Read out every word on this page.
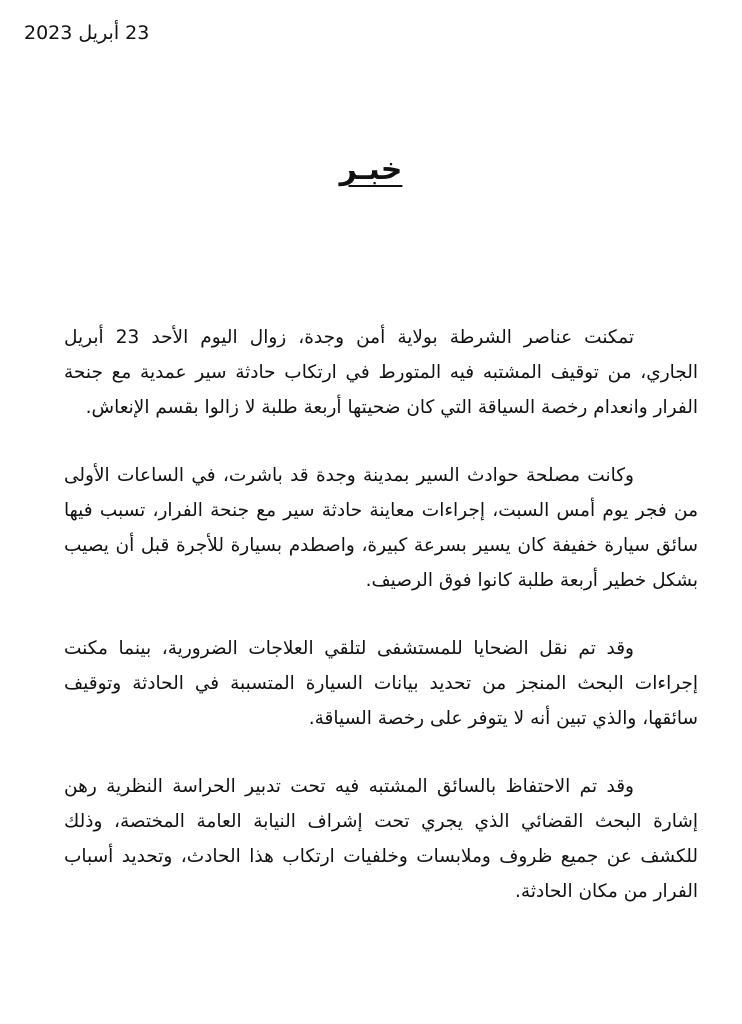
23 أبريل 2023
خبـر

تمكنت عناصر الشرطة بولاية أمن وجدة، زوال اليوم الأحد 23 أبريل الجاري، من توقيف المشتبه فيه المتورط في ارتكاب حادثة سير عمدية مع جنحة الفرار وانعدام رخصة السياقة التي كان ضحيتها أربعة طلبة لا زالوا بقسم الإنعاش.

وكانت مصلحة حوادث السير بمدينة وجدة قد باشرت، في الساعات الأولى من فجر يوم أمس السبت، إجراءات معاينة حادثة سير مع جنحة الفرار، تسبب فيها سائق سيارة خفيفة كان يسير بسرعة كبيرة، واصطدم بسيارة للأجرة قبل أن يصيب بشكل خطير أربعة طلبة كانوا فوق الرصيف.

وقد تم نقل الضحايا للمستشفى لتلقي العلاجات الضرورية، بينما مكنت إجراءات البحث المنجز من تحديد بيانات السيارة المتسببة في الحادثة وتوقيف سائقها، والذي تبين أنه لا يتوفر على رخصة السياقة.

وقد تم الاحتفاظ بالسائق المشتبه فيه تحت تدبير الحراسة النظرية رهن إشارة البحث القضائي الذي يجري تحت إشراف النيابة العامة المختصة، وذلك للكشف عن جميع ظروف وملابسات وخلفيات ارتكاب هذا الحادث، وتحديد أسباب الفرار من مكان الحادثة.
